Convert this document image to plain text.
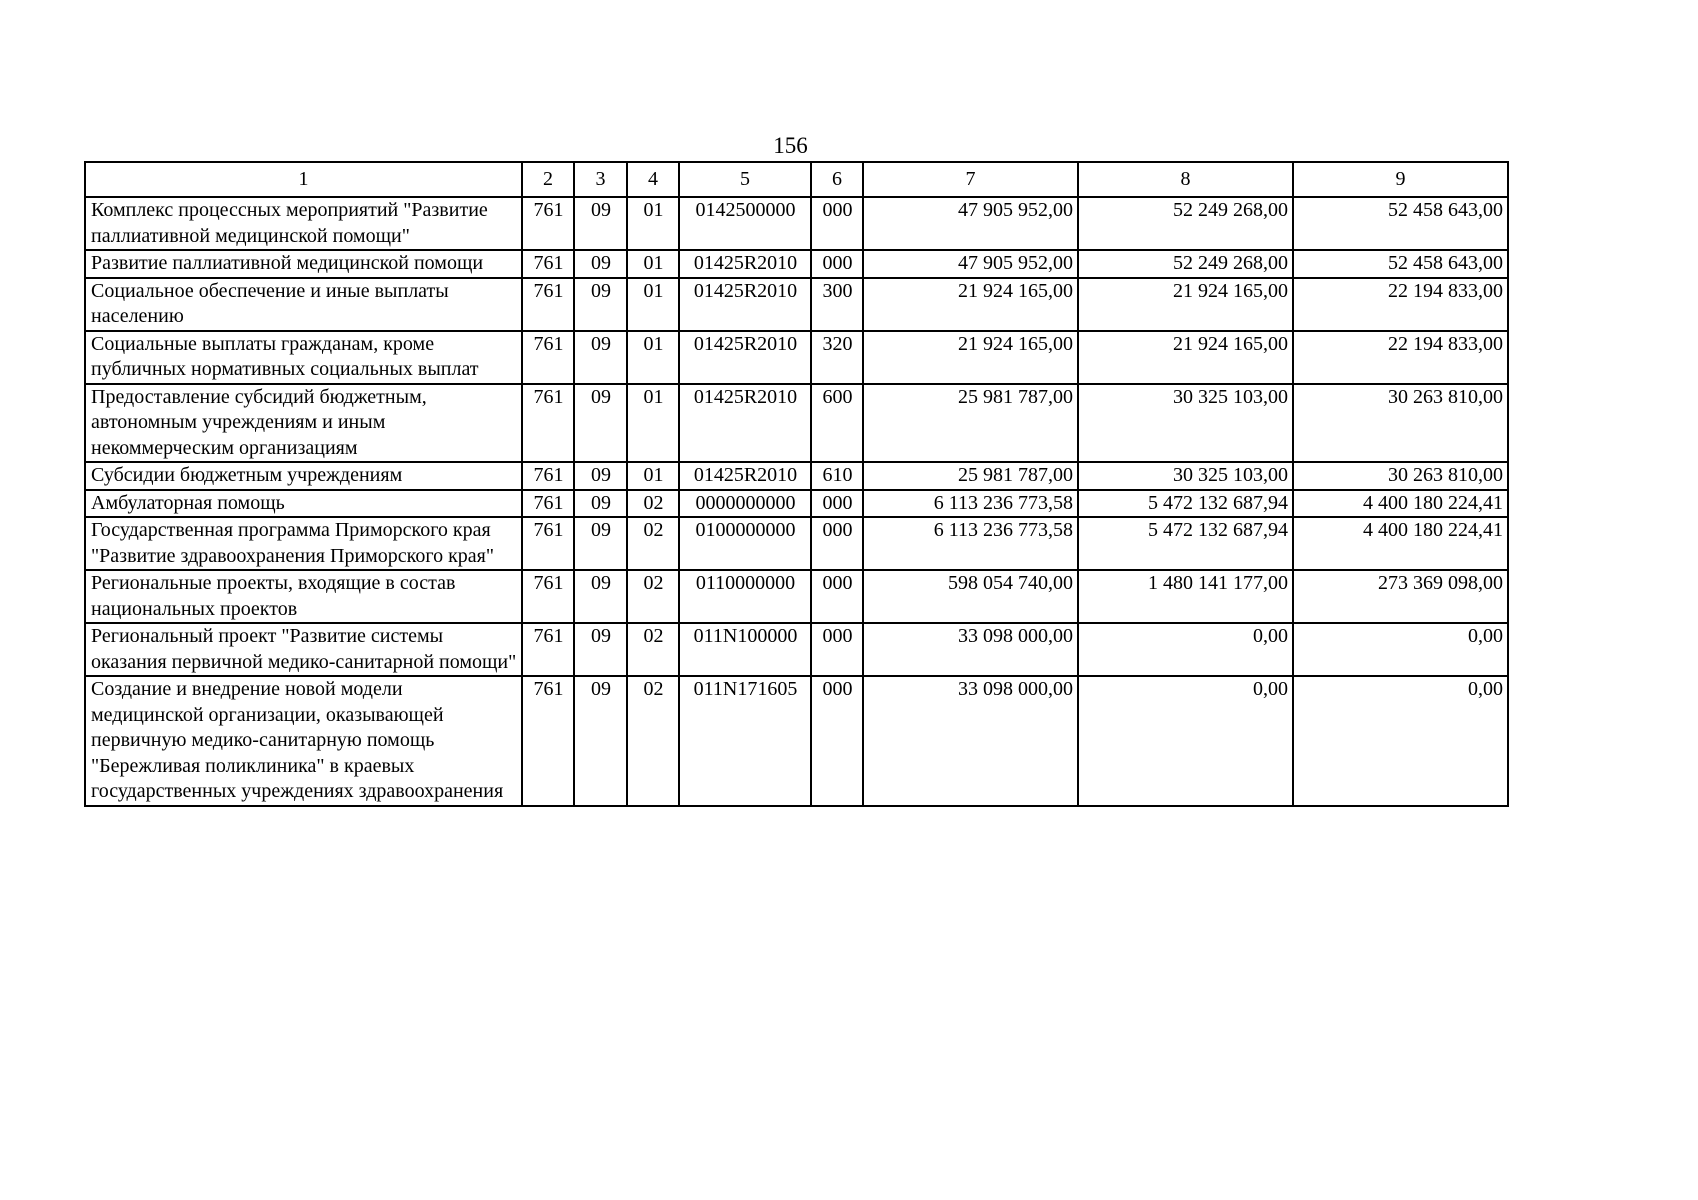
156
1	2	3	4	5	6	7	8	9
Комплекс процессных мероприятий "Развитие паллиативной медицинской помощи"	761	09	01	0142500000	000	47 905 952,00	52 249 268,00	52 458 643,00
Развитие паллиативной медицинской помощи	761	09	01	01425R2010	000	47 905 952,00	52 249 268,00	52 458 643,00
Социальное обеспечение и иные выплаты населению	761	09	01	01425R2010	300	21 924 165,00	21 924 165,00	22 194 833,00
Социальные выплаты гражданам, кроме публичных нормативных социальных выплат	761	09	01	01425R2010	320	21 924 165,00	21 924 165,00	22 194 833,00
Предоставление субсидий бюджетным, автономным учреждениям и иным некоммерческим организациям	761	09	01	01425R2010	600	25 981 787,00	30 325 103,00	30 263 810,00
Субсидии бюджетным учреждениям	761	09	01	01425R2010	610	25 981 787,00	30 325 103,00	30 263 810,00
Амбулаторная помощь	761	09	02	0000000000	000	6 113 236 773,58	5 472 132 687,94	4 400 180 224,41
Государственная программа Приморского края "Развитие здравоохранения Приморского края"	761	09	02	0100000000	000	6 113 236 773,58	5 472 132 687,94	4 400 180 224,41
Региональные проекты, входящие в состав национальных проектов	761	09	02	0110000000	000	598 054 740,00	1 480 141 177,00	273 369 098,00
Региональный проект "Развитие системы оказания первичной медико-санитарной помощи"	761	09	02	011N100000	000	33 098 000,00	0,00	0,00
Создание и внедрение новой модели медицинской организации, оказывающей первичную медико-санитарную помощь "Бережливая поликлиника" в краевых государственных учреждениях здравоохранения	761	09	02	011N171605	000	33 098 000,00	0,00	0,00
